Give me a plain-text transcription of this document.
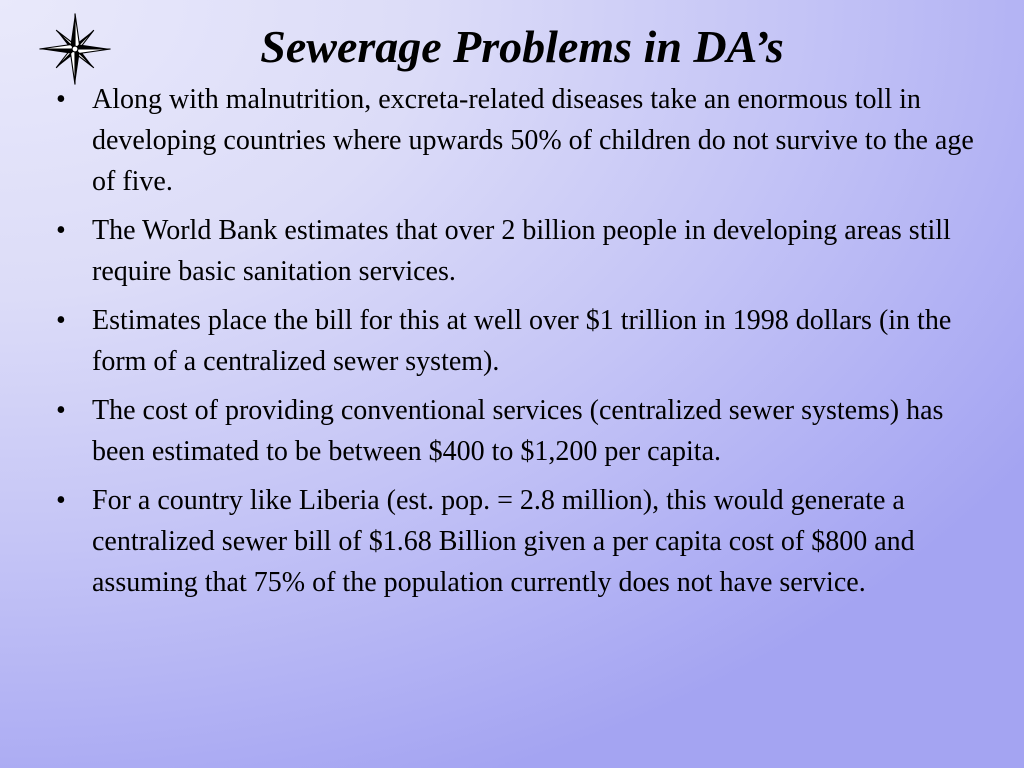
Sewerage Problems in DA’s
• Along with malnutrition, excreta-related diseases take an enormous toll in developing countries where upwards 50% of children do not survive to the age of five.
• The World Bank estimates that over 2 billion people in developing areas still require basic sanitation services.
• Estimates place the bill for this at well over $1 trillion in 1998 dollars (in the form of a centralized sewer system).
• The cost of providing conventional services (centralized sewer systems) has been estimated to be between $400 to $1,200 per capita.
• For a country like Liberia (est. pop. = 2.8 million), this would generate a centralized sewer bill of $1.68 Billion given a per capita cost of $800 and assuming that 75% of the population currently does not have service.
